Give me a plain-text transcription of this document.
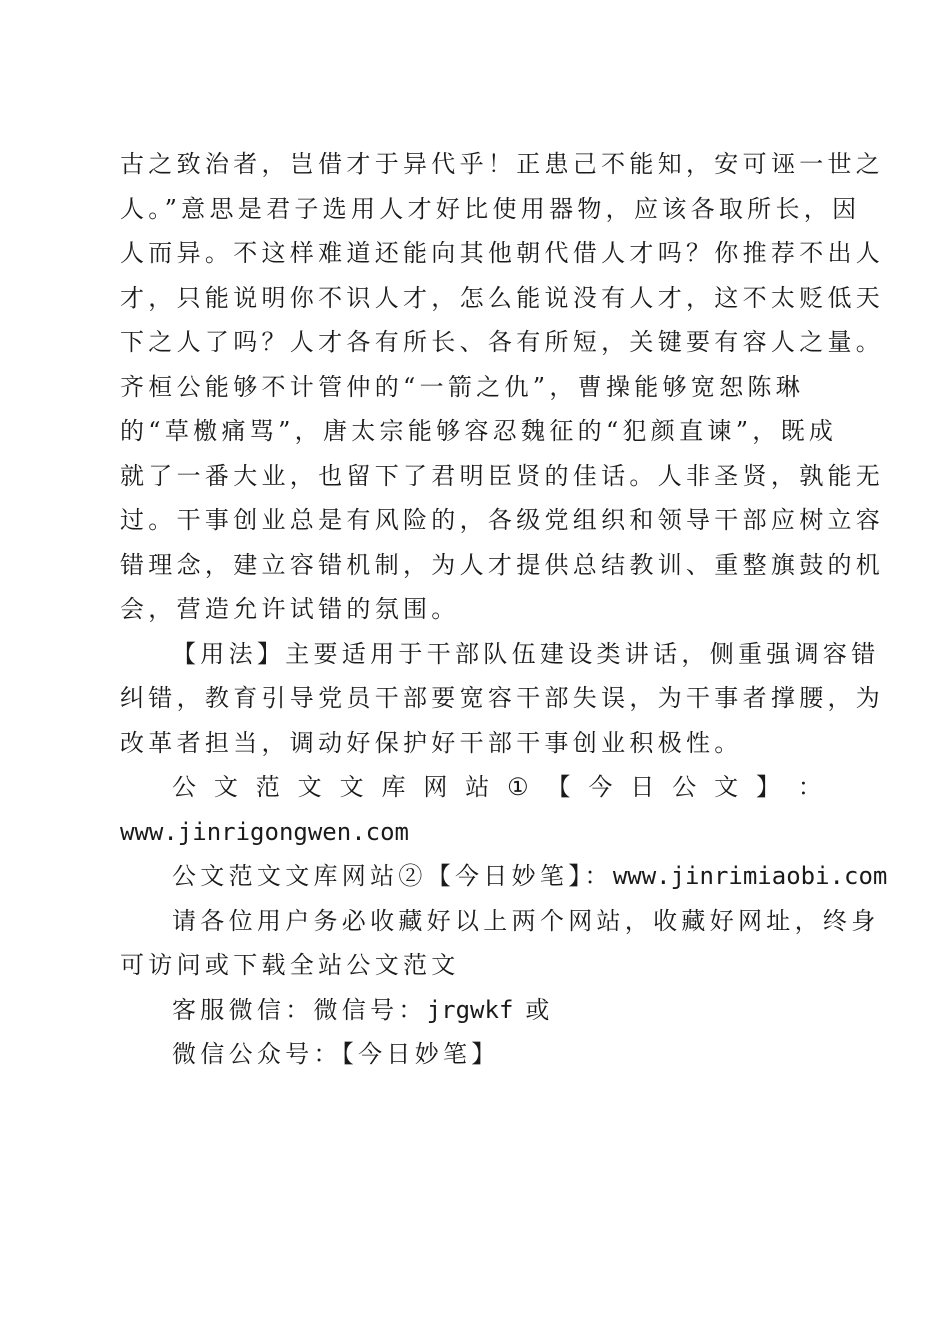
古之致治者，岂借才于异代乎！正患己不能知，安可诬一世之
人。”意思是君子选用人才好比使用器物，应该各取所长，因
人而异。不这样难道还能向其他朝代借人才吗？你推荐不出人
才，只能说明你不识人才，怎么能说没有人才，这不太贬低天
下之人了吗？人才各有所长、各有所短，关键要有容人之量。
齐桓公能够不计管仲的“一箭之仇”，曹操能够宽恕陈琳
的“草檄痛骂”，唐太宗能够容忍魏征的“犯颜直谏”，既成
就了一番大业，也留下了君明臣贤的佳话。人非圣贤，孰能无
过。干事创业总是有风险的，各级党组织和领导干部应树立容
错理念，建立容错机制，为人才提供总结教训、重整旗鼓的机
会，营造允许试错的氛围。

【用法】主要适用于干部队伍建设类讲话，侧重强调容错
纠错，教育引导党员干部要宽容干部失误，为干事者撑腰，为
改革者担当，调动好保护好干部干事创业积极性。

公 文 范 文 文 库 网 站 ① 【 今 日 公 文 】 ：

www.jinrigongwen.com

公文范文文库网站②【今日妙笔】：www.jinrimiaobi.com

请各位用户务必收藏好以上两个网站，收藏好网址，终身
可访问或下载全站公文范文

客服微信：微信号：jrgwkf 或

微信公众号：【今日妙笔】
